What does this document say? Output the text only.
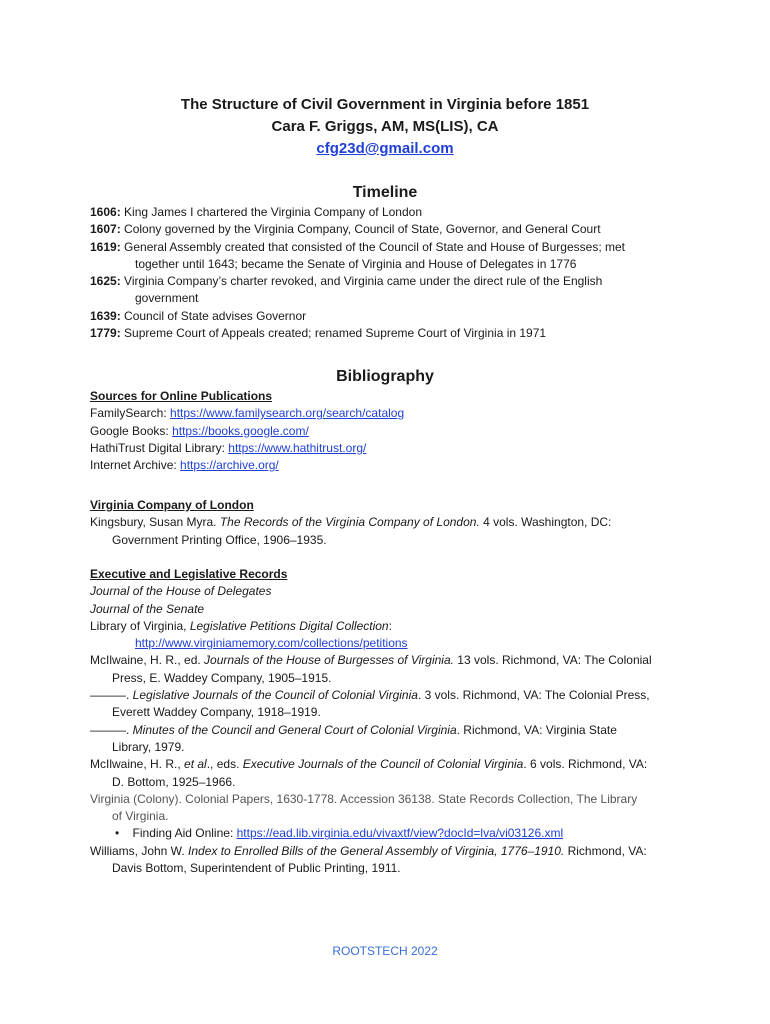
The Structure of Civil Government in Virginia before 1851
Cara F. Griggs, AM, MS(LIS), CA
cfg23d@gmail.com
Timeline
1606: King James I chartered the Virginia Company of London
1607: Colony governed by the Virginia Company, Council of State, Governor, and General Court
1619: General Assembly created that consisted of the Council of State and House of Burgesses; met
together until 1643; became the Senate of Virginia and House of Delegates in 1776
1625: Virginia Company’s charter revoked, and Virginia came under the direct rule of the English
government
1639: Council of State advises Governor
1779: Supreme Court of Appeals created; renamed Supreme Court of Virginia in 1971
Bibliography
Sources for Online Publications
FamilySearch: https://www.familysearch.org/search/catalog
Google Books: https://books.google.com/
HathiTrust Digital Library: https://www.hathitrust.org/
Internet Archive: https://archive.org/
Virginia Company of London
Kingsbury, Susan Myra. The Records of the Virginia Company of London. 4 vols. Washington, DC:
Government Printing Office, 1906–1935.
Executive and Legislative Records
Journal of the House of Delegates
Journal of the Senate
Library of Virginia, Legislative Petitions Digital Collection:
http://www.virginiamemory.com/collections/petitions
McIlwaine, H. R., ed. Journals of the House of Burgesses of Virginia. 13 vols. Richmond, VA: The Colonial
Press, E. Waddey Company, 1905–1915.
———. Legislative Journals of the Council of Colonial Virginia. 3 vols. Richmond, VA: The Colonial Press,
Everett Waddey Company, 1918–1919.
———. Minutes of the Council and General Court of Colonial Virginia. Richmond, VA: Virginia State
Library, 1979.
McIlwaine, H. R., et al., eds. Executive Journals of the Council of Colonial Virginia. 6 vols. Richmond, VA:
D. Bottom, 1925–1966.
Virginia (Colony). Colonial Papers, 1630-1778. Accession 36138. State Records Collection, The Library
of Virginia.
• Finding Aid Online: https://ead.lib.virginia.edu/vivaxtf/view?docId=lva/vi03126.xml
Williams, John W. Index to Enrolled Bills of the General Assembly of Virginia, 1776–1910. Richmond, VA:
Davis Bottom, Superintendent of Public Printing, 1911.
ROOTSTECH 2022
